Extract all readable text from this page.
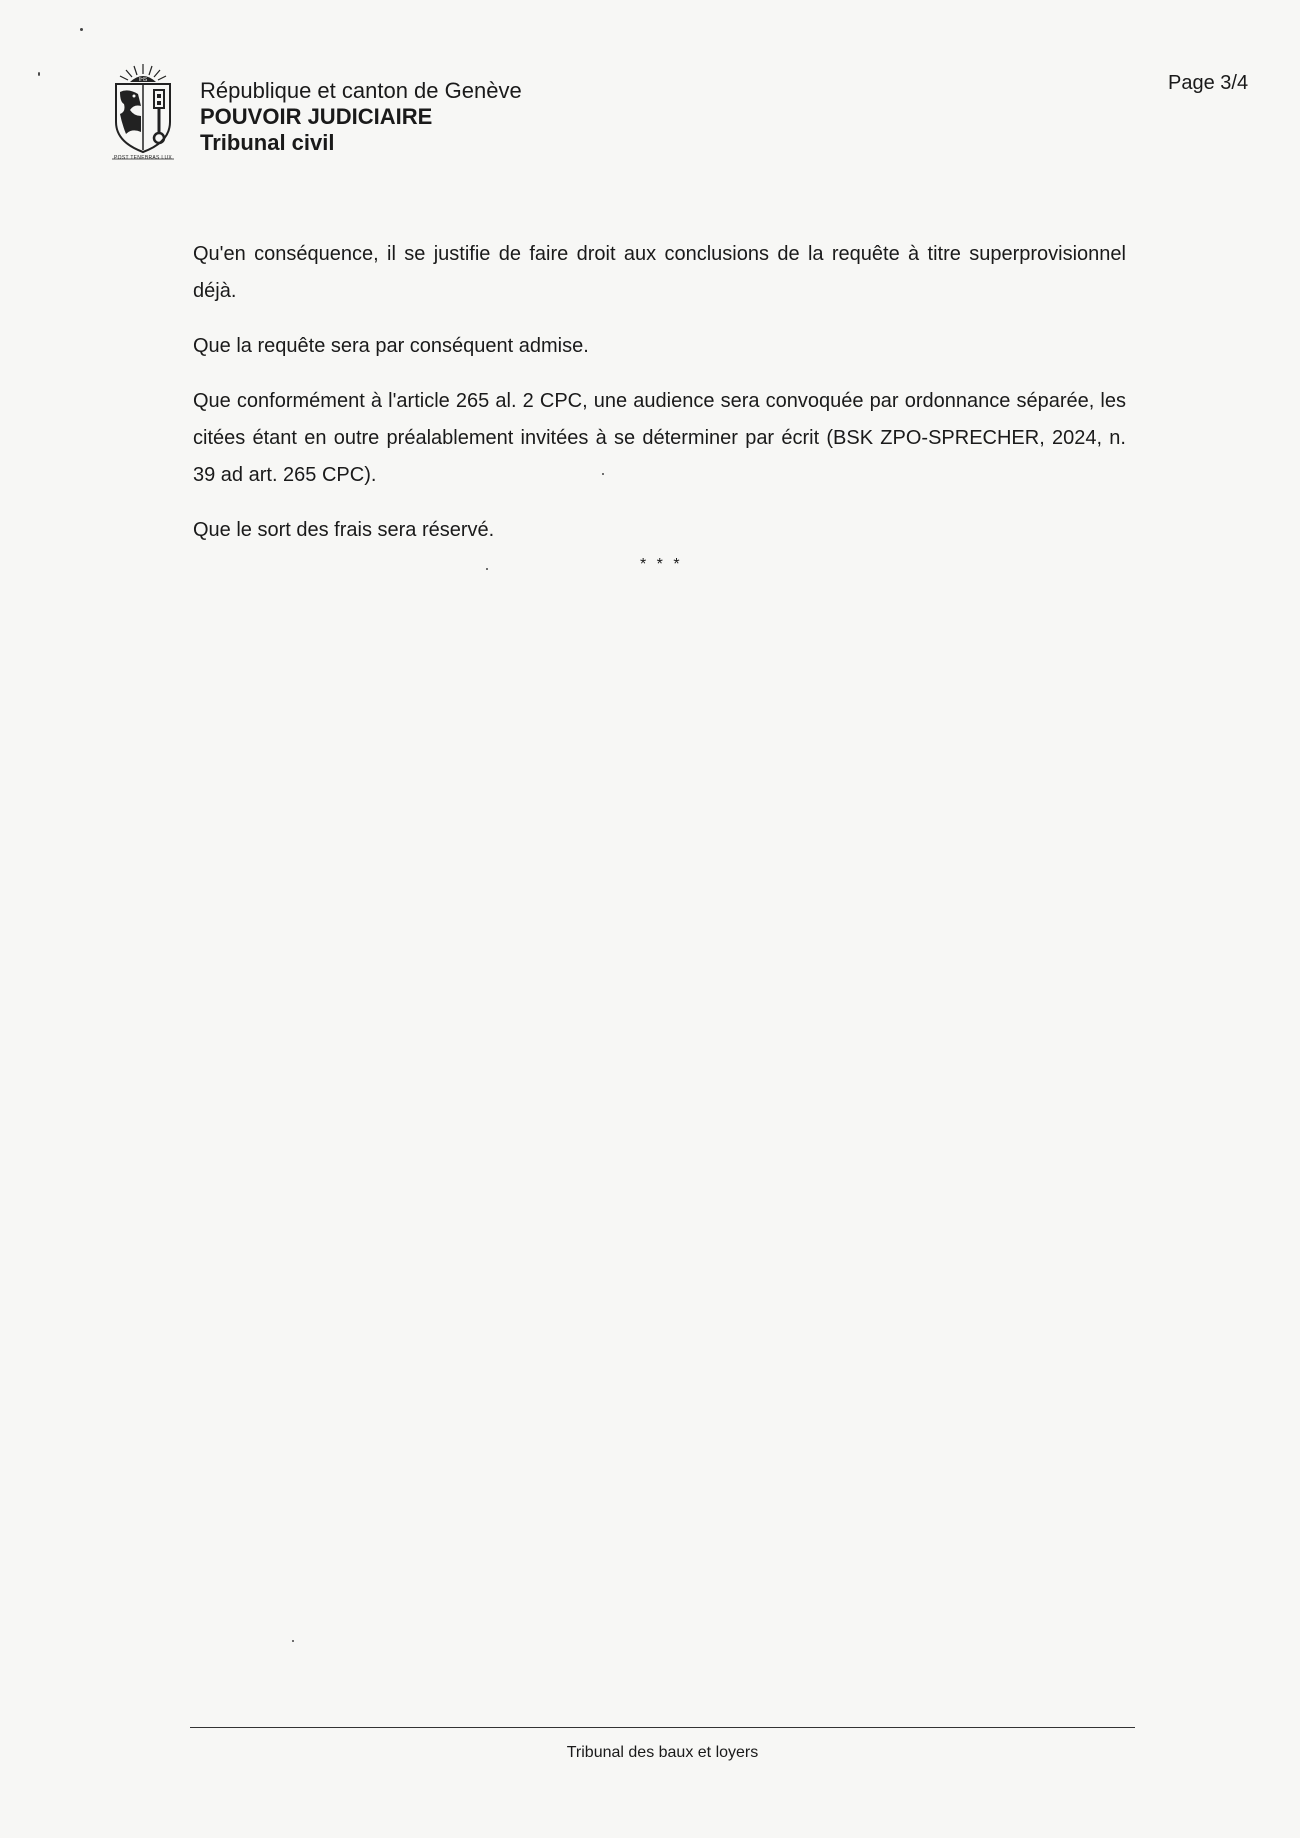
IHS
POST TENEBRAS LUX
République et canton de Genève
POUVOIR JUDICIAIRE
Tribunal civil
Page 3/4

Qu'en conséquence, il se justifie de faire droit aux conclusions de la requête à titre superprovisionnel déjà.

Que la requête sera par conséquent admise.

Que conformément à l'article 265 al. 2 CPC, une audience sera convoquée par ordonnance séparée, les citées étant en outre préalablement invitées à se déterminer par écrit (BSK ZPO-SPRECHER, 2024, n. 39 ad art. 265 CPC).

Que le sort des frais sera réservé.

* * *
Tribunal des baux et loyers
